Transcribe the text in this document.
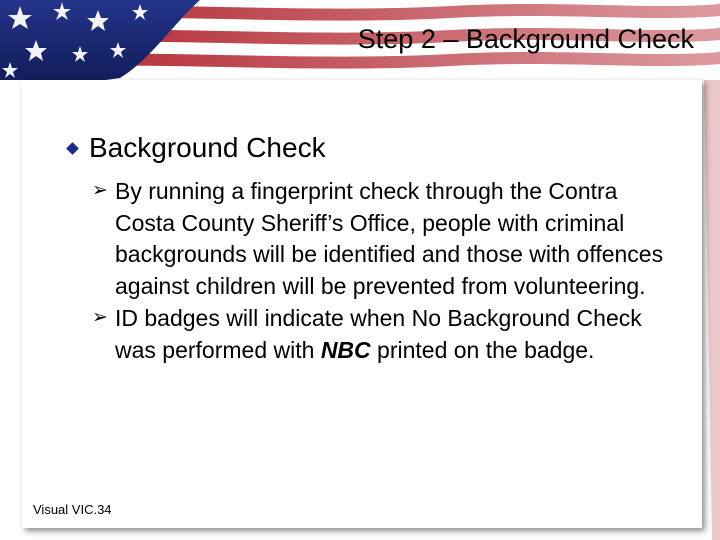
Step 2 – Background Check
Background Check
➢ By running a fingerprint check through the Contra Costa County Sheriff’s Office, people with criminal backgrounds will be identified and those with offences against children will be prevented from volunteering.
➢ ID badges will indicate when No Background Check was performed with NBC printed on the badge.
Visual VIC.34
